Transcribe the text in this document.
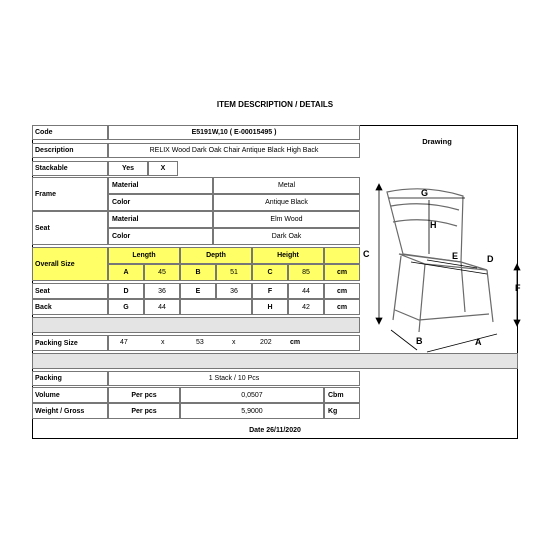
ITEM DESCRIPTION / DETAILS
Code	E5191W,10 ( E-00015495 )
Description	RELIX Wood Dark Oak Chair Antique Black High Back
Stackable	Yes	X
Frame
Material	Metal
Color	Antique Black
Seat
Material	Elm Wood
Color	Dark Oak
Overall Size
Length	Depth	Height
A	45	B	51	C	85	cm
Seat	D	36	E	36	F	44	cm
Back	G	44	H	42	cm
Packing Size	47	x	53	x	202	cm
Packing	1 Stack / 10 Pcs
Volume	Per pcs	0,0507	Cbm
Weight / Gross	Per pcs	5,9000	Kg
Drawing
C
G
H
E	D
F
B	A
Date 26/11/2020
